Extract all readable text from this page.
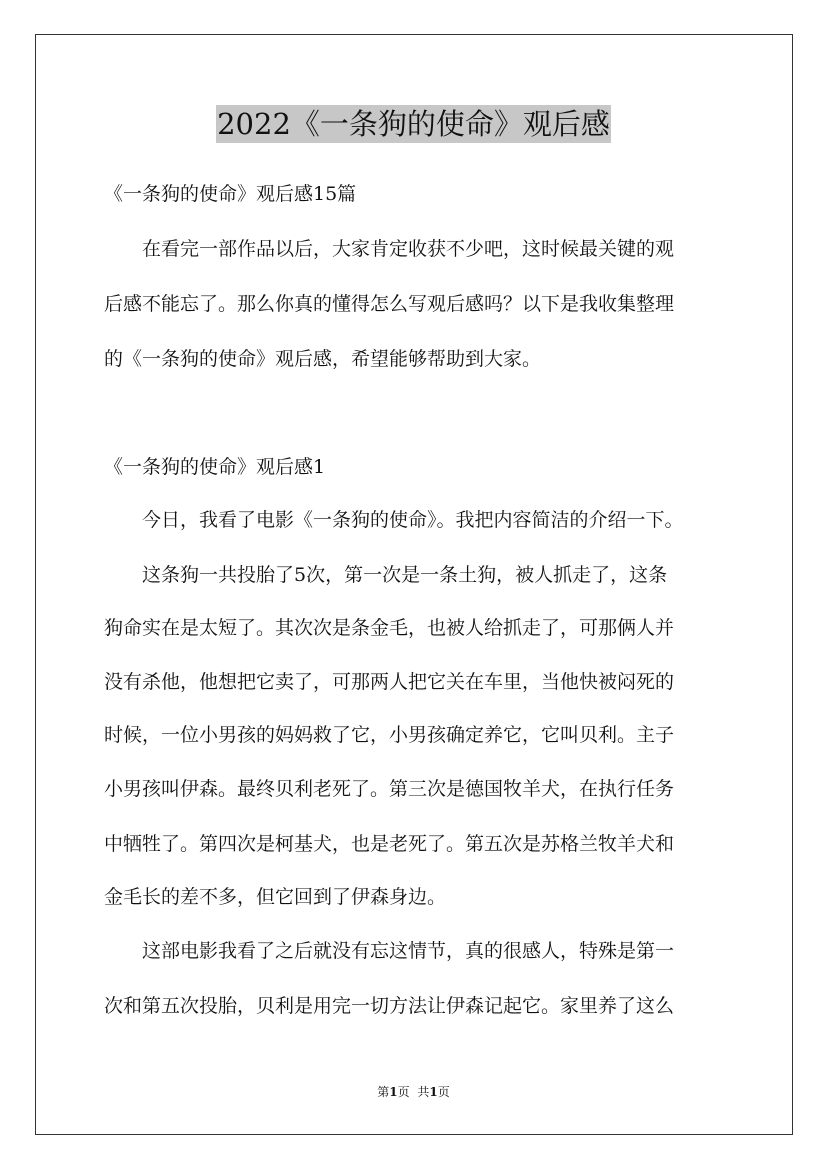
2022《一条狗的使命》观后感

《一条狗的使命》观后感15篇

在看完一部作品以后，大家肯定收获不少吧，这时候最关键的观

后感不能忘了。那么你真的懂得怎么写观后感吗？以下是我收集整理

的《一条狗的使命》观后感，希望能够帮助到大家。

《一条狗的使命》观后感1

今日，我看了电影《一条狗的使命》。我把内容简洁的介绍一下。

这条狗一共投胎了5次，第一次是一条土狗，被人抓走了，这条

狗命实在是太短了。其次次是条金毛，也被人给抓走了，可那俩人并

没有杀他，他想把它卖了，可那两人把它关在车里，当他快被闷死的

时候，一位小男孩的妈妈救了它，小男孩确定养它，它叫贝利。主子

小男孩叫伊森。最终贝利老死了。第三次是德国牧羊犬，在执行任务

中牺牲了。第四次是柯基犬，也是老死了。第五次是苏格兰牧羊犬和

金毛长的差不多，但它回到了伊森身边。

这部电影我看了之后就没有忘这情节，真的很感人，特殊是第一

次和第五次投胎，贝利是用完一切方法让伊森记起它。家里养了这么

第1页 共1页
